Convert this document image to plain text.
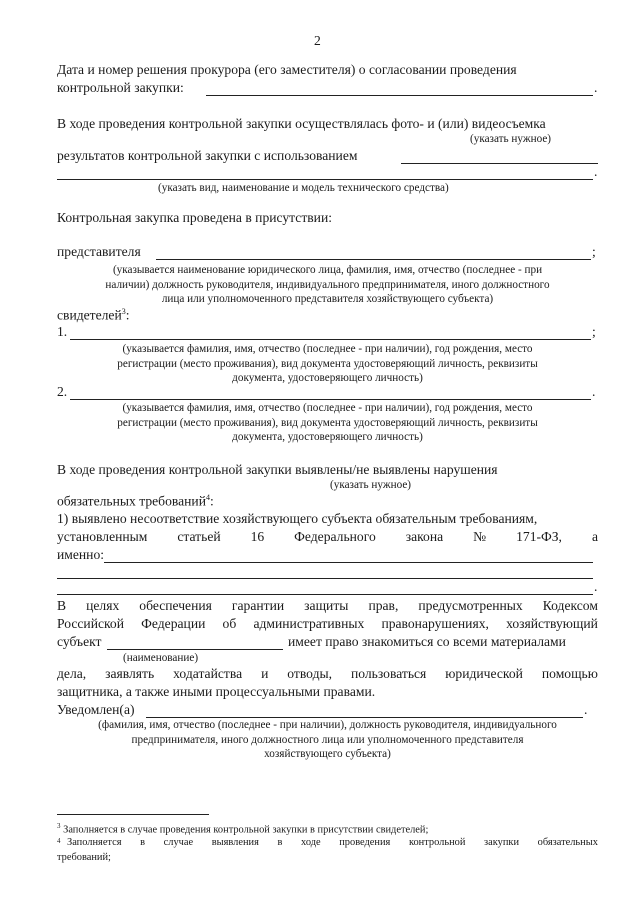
2
Дата и номер решения прокурора (его заместителя) о согласовании проведения
контрольной закупки:	.
В ходе проведения контрольной закупки осуществлялась фото- и (или) видеосъемка
(указать нужное)
результатов контрольной закупки с использованием
.
(указать вид, наименование и модель технического средства)
Контрольная закупка проведена в присутствии:
представителя	;
(указывается наименование юридического лица, фамилия, имя, отчество (последнее - при
наличии) должность руководителя, индивидуального предпринимателя, иного должностного
лица или уполномоченного представителя хозяйствующего субъекта)
свидетелей$^3$:
1.	;
(указывается фамилия, имя, отчество (последнее - при наличии), год рождения, место
регистрации (место проживания), вид документа удостоверяющий личность, реквизиты
документа, удостоверяющего личность)
2.	.
(указывается фамилия, имя, отчество (последнее - при наличии), год рождения, место
регистрации (место проживания), вид документа удостоверяющий личность, реквизиты
документа, удостоверяющего личность)
В ходе проведения контрольной закупки выявлены/не выявлены нарушения
(указать нужное)
обязательных требований$^4$:
1) выявлено несоответствие хозяйствующего субъекта обязательным требованиям,
установленным статьей 16 Федерального закона № 171-ФЗ, а
именно:
.
В целях обеспечения гарантии защиты прав, предусмотренных Кодексом
Российской Федерации об административных правонарушениях, хозяйствующий
субъект	имеет право знакомиться со всеми материалами
(наименование)
дела, заявлять ходатайства и отводы, пользоваться юридической помощью
защитника, а также иными процессуальными правами.
Уведомлен(а)	.
(фамилия, имя, отчество (последнее - при наличии), должность руководителя, индивидуального
предпринимателя, иного должностного лица или уполномоченного представителя
хозяйствующего субъекта)
$^3$ Заполняется в случае проведения контрольной закупки в присутствии свидетелей;
$^4$ Заполняется в случае выявления в ходе проведения контрольной закупки обязательных
требований;
